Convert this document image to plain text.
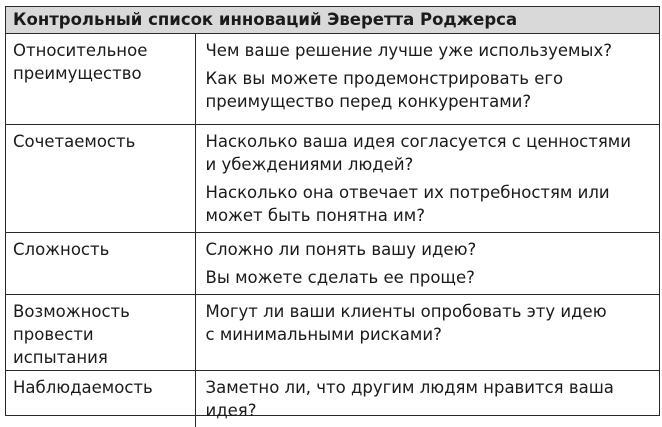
Контрольный список инноваций Эверетта Роджерса
Относительное
преимущество	Чем ваше решение лучше уже используемых?
Как вы можете продемонстрировать его
преимущество перед конкурентами?

Сочетаемость	Насколько ваша идея согласуется с ценностями
и убеждениями людей?
Насколько она отвечает их потребностям или
может быть понятна им?

Сложность	Сложно ли понять вашу идею?
Вы можете сделать ее проще?

Возможность
провести
испытания	Могут ли ваши клиенты опробовать эту идею
с минимальными рисками?

Наблюдаемость	Заметно ли, что другим людям нравится ваша
идея?
